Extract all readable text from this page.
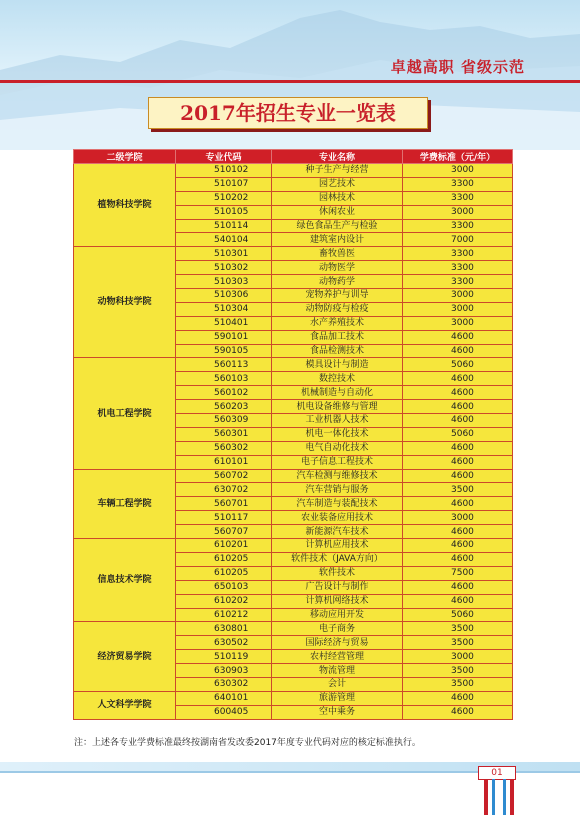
卓越高职 省级示范
2017年招生专业一览表
二级学院	专业代码	专业名称	学费标准（元/年）
植物科技学院	510102	种子生产与经营	3000
	510107	园艺技术	3300
	510202	园林技术	3300
	510105	休闲农业	3000
	510114	绿色食品生产与检验	3300
	540104	建筑室内设计	7000
动物科技学院	510301	畜牧兽医	3300
	510302	动物医学	3300
	510303	动物药学	3300
	510306	宠物养护与训导	3000
	510304	动物防疫与检疫	3000
	510401	水产养殖技术	3000
	590101	食品加工技术	4600
	590105	食品检测技术	4600
机电工程学院	560113	模具设计与制造	5060
	560103	数控技术	4600
	560102	机械制造与自动化	4600
	560203	机电设备维修与管理	4600
	560309	工业机器人技术	4600
	560301	机电一体化技术	5060
	560302	电气自动化技术	4600
	610101	电子信息工程技术	4600
车辆工程学院	560702	汽车检测与维修技术	4600
	630702	汽车营销与服务	3500
	560701	汽车制造与装配技术	4600
	510117	农业装备应用技术	3000
	560707	新能源汽车技术	4600
信息技术学院	610201	计算机应用技术	4600
	610205	软件技术（JAVA方向）	4600
	610205	软件技术	7500
	650103	广告设计与制作	4600
	610202	计算机网络技术	4600
	610212	移动应用开发	5060
经济贸易学院	630801	电子商务	3500
	630502	国际经济与贸易	3500
	510119	农村经营管理	3000
	630903	物流管理	3500
	630302	会计	3500
人文科学学院	640101	旅游管理	4600
	600405	空中乘务	4600
注：上述各专业学费标准最终按湖南省发改委2017年度专业代码对应的核定标准执行。
01
